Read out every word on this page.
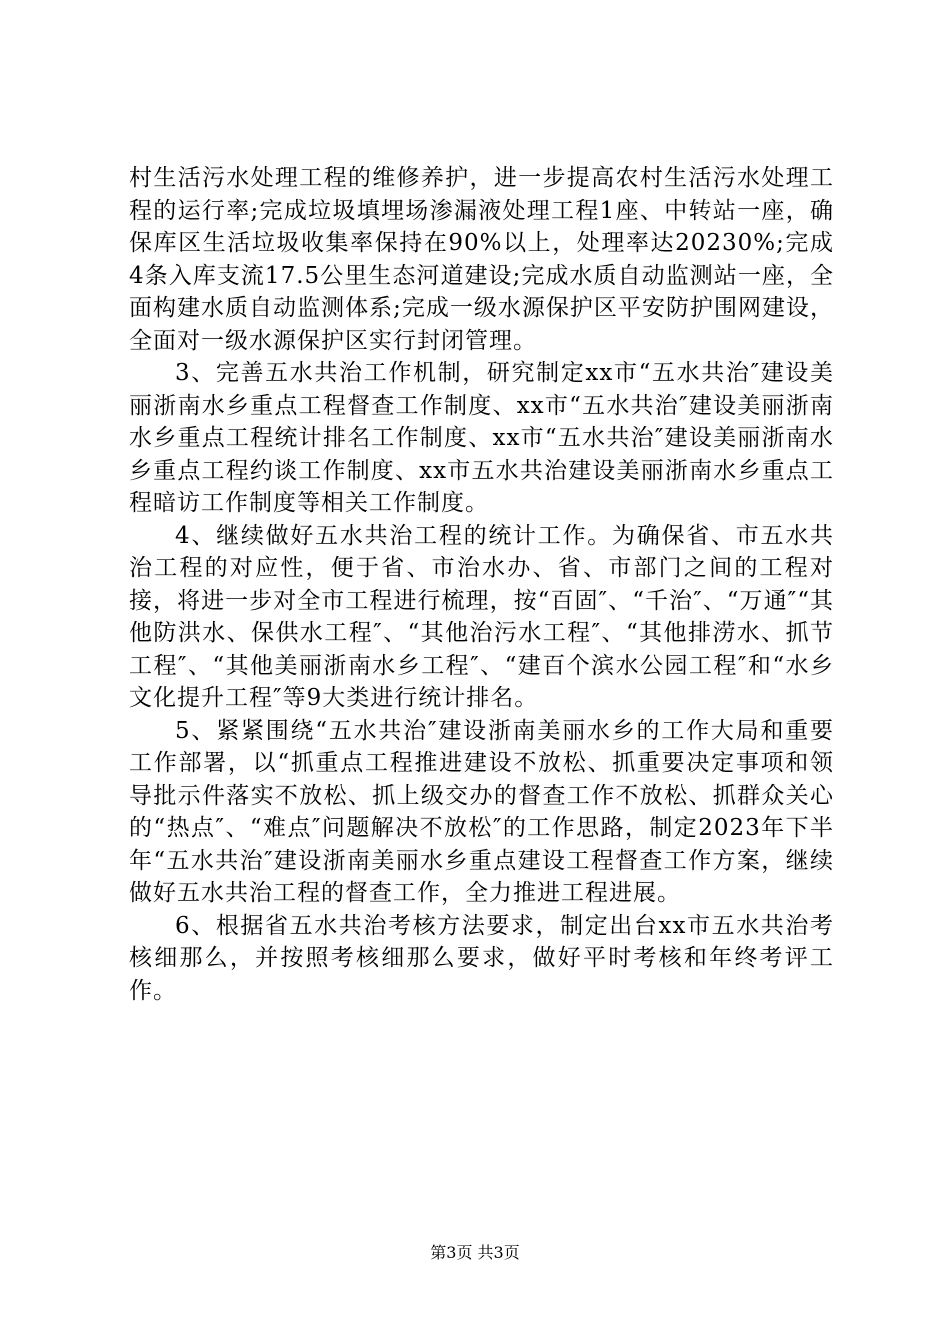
村生活污水处理工程的维修养护，进一步提高农村生活污水处理工程的运行率;完成垃圾填埋场渗漏液处理工程1座、中转站一座，确保库区生活垃圾收集率保持在90%以上，处理率达20230%;完成4条入库支流17.5公里生态河道建设;完成水质自动监测站一座，全面构建水质自动监测体系;完成一级水源保护区平安防护围网建设，全面对一级水源保护区实行封闭管理。

3、完善五水共治工作机制，研究制定xx市“五水共治″建设美丽浙南水乡重点工程督查工作制度、xx市“五水共治″建设美丽浙南水乡重点工程统计排名工作制度、xx市“五水共治″建设美丽浙南水乡重点工程约谈工作制度、xx市五水共治建设美丽浙南水乡重点工程暗访工作制度等相关工作制度。

4、继续做好五水共治工程的统计工作。为确保省、市五水共治工程的对应性，便于省、市治水办、省、市部门之间的工程对接，将进一步对全市工程进行梳理，按“百固″、“千治″、“万通″“其他防洪水、保供水工程″、“其他治污水工程″、“其他排涝水、抓节工程″、“其他美丽浙南水乡工程″、“建百个滨水公园工程″和“水乡文化提升工程″等9大类进行统计排名。

5、紧紧围绕“五水共治″建设浙南美丽水乡的工作大局和重要工作部署，以“抓重点工程推进建设不放松、抓重要决定事项和领导批示件落实不放松、抓上级交办的督查工作不放松、抓群众关心的“热点″、“难点″问题解决不放松″的工作思路，制定2023年下半年“五水共治″建设浙南美丽水乡重点建设工程督查工作方案，继续做好五水共治工程的督查工作，全力推进工程进展。

6、根据省五水共治考核方法要求，制定出台xx市五水共治考核细那么，并按照考核细那么要求，做好平时考核和年终考评工作。

第3页 共3页
